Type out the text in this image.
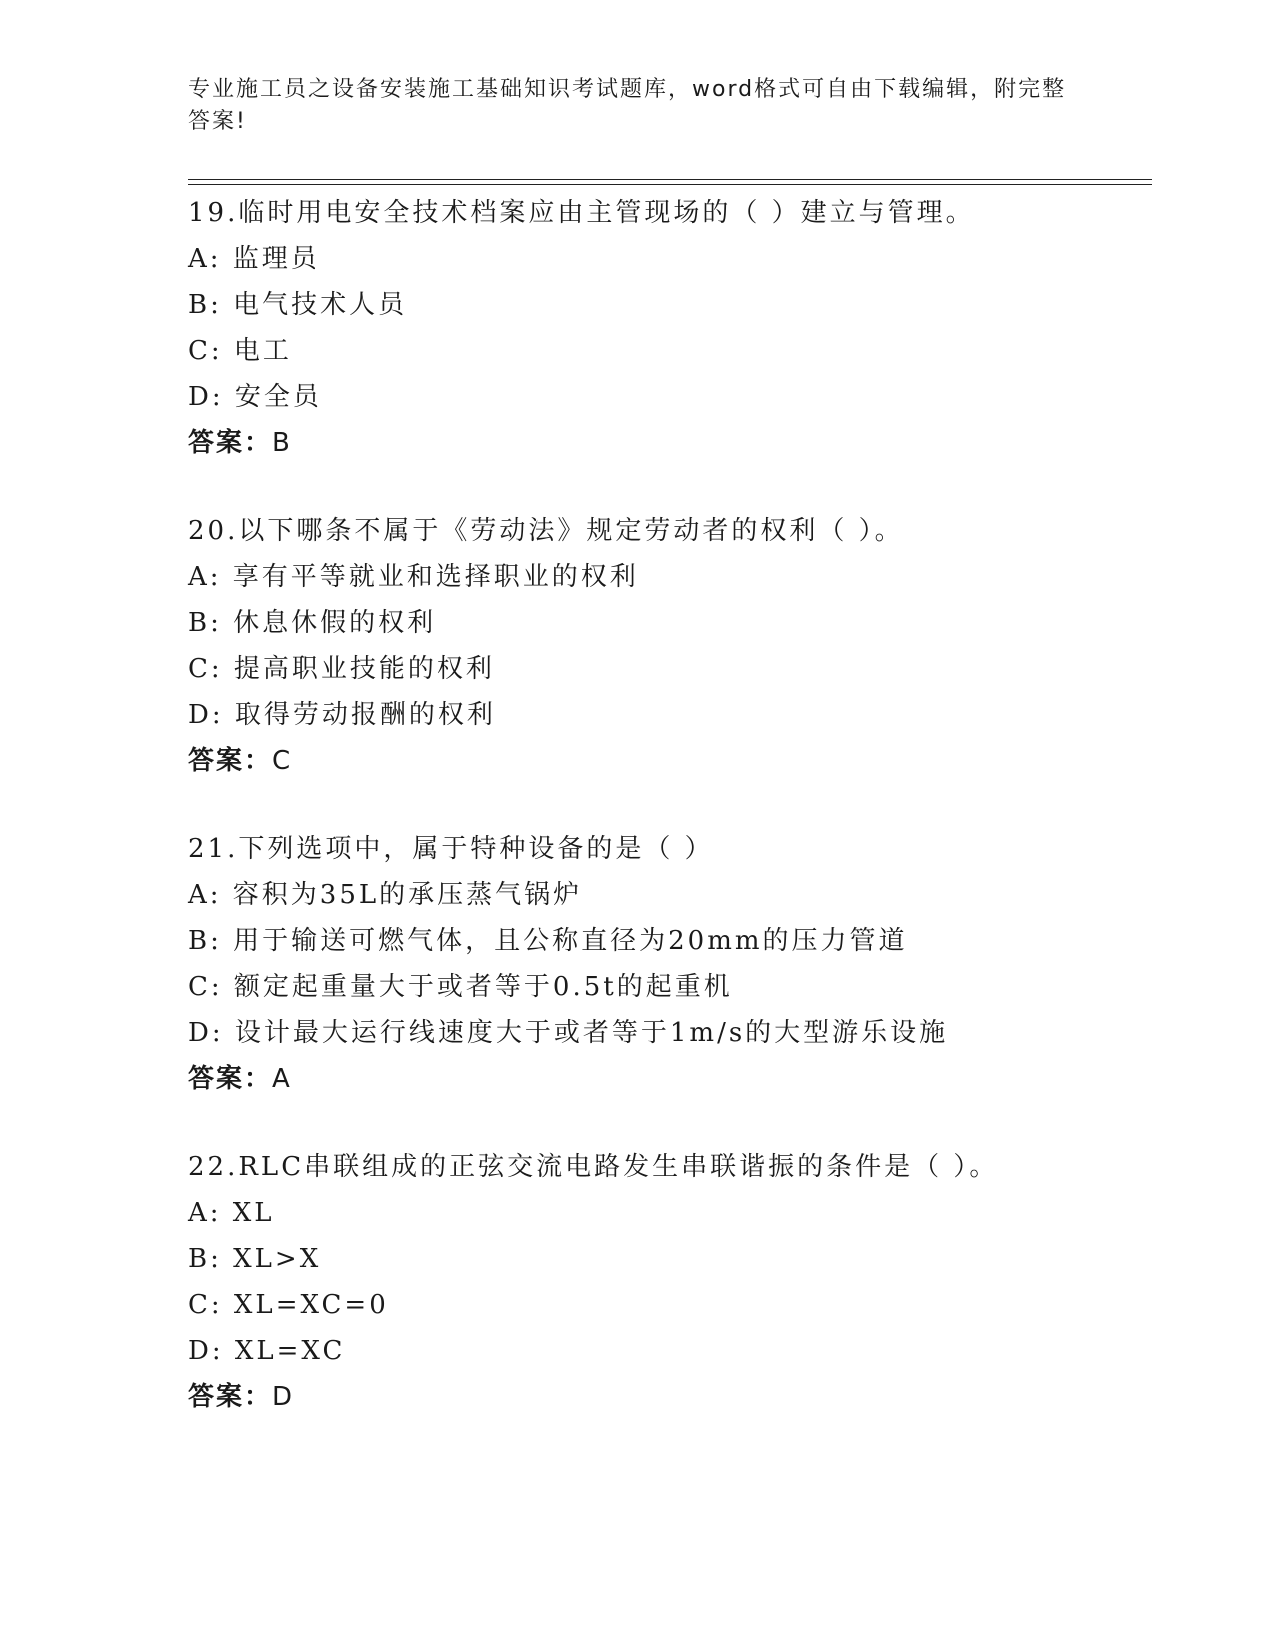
专业施工员之设备安装施工基础知识考试题库，word格式可自由下载编辑，附完整答案!
19.临时用电安全技术档案应由主管现场的（ ）建立与管理。
A: 监理员
B: 电气技术人员
C: 电工
D: 安全员
答案：B
20.以下哪条不属于《劳动法》规定劳动者的权利（ ）。
A: 享有平等就业和选择职业的权利
B: 休息休假的权利
C: 提高职业技能的权利
D: 取得劳动报酬的权利
答案：C
21.下列选项中，属于特种设备的是（ ）
A: 容积为35L的承压蒸气锅炉
B: 用于输送可燃气体，且公称直径为20mm的压力管道
C: 额定起重量大于或者等于0.5t的起重机
D: 设计最大运行线速度大于或者等于1m/s的大型游乐设施
答案：A
22.RLC串联组成的正弦交流电路发生串联谐振的条件是（ ）。
A: XL
B: XL>X
C: XL=XC=0
D: XL=XC
答案：D
